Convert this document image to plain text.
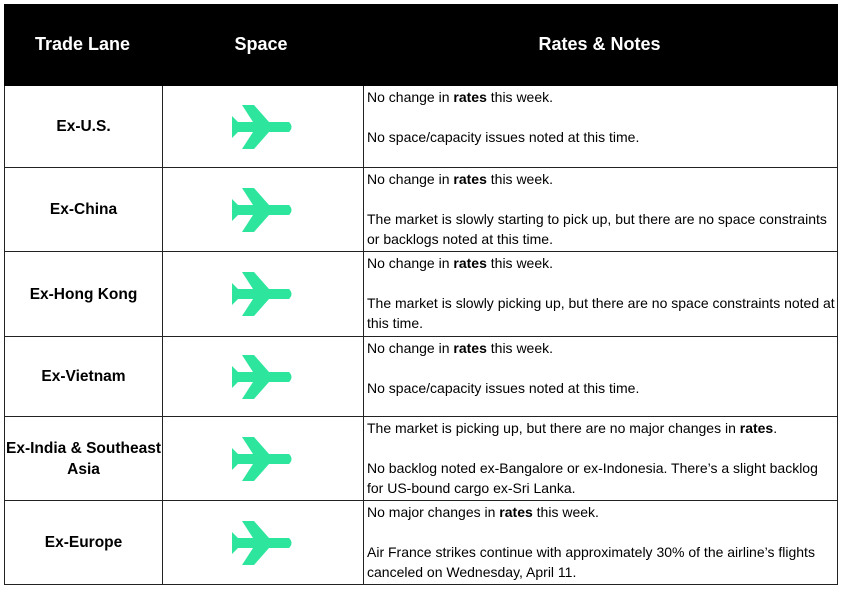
Trade Lane	Space	Rates & Notes
Ex-U.S.

No change in rates this week.

No space/capacity issues noted at this time.

Ex-China

No change in rates this week.

The market is slowly starting to pick up, but there are no space constraints or backlogs noted at this time.

Ex-Hong Kong

No change in rates this week.

The market is slowly picking up, but there are no space constraints noted at this time.

Ex-Vietnam

No change in rates this week.

No space/capacity issues noted at this time.

Ex-India & Southeast Asia

The market is picking up, but there are no major changes in rates.

No backlog noted ex-Bangalore or ex-Indonesia. There’s a slight backlog for US-bound cargo ex-Sri Lanka.

Ex-Europe

No major changes in rates this week.

Air France strikes continue with approximately 30% of the airline’s flights canceled on Wednesday, April 11.
